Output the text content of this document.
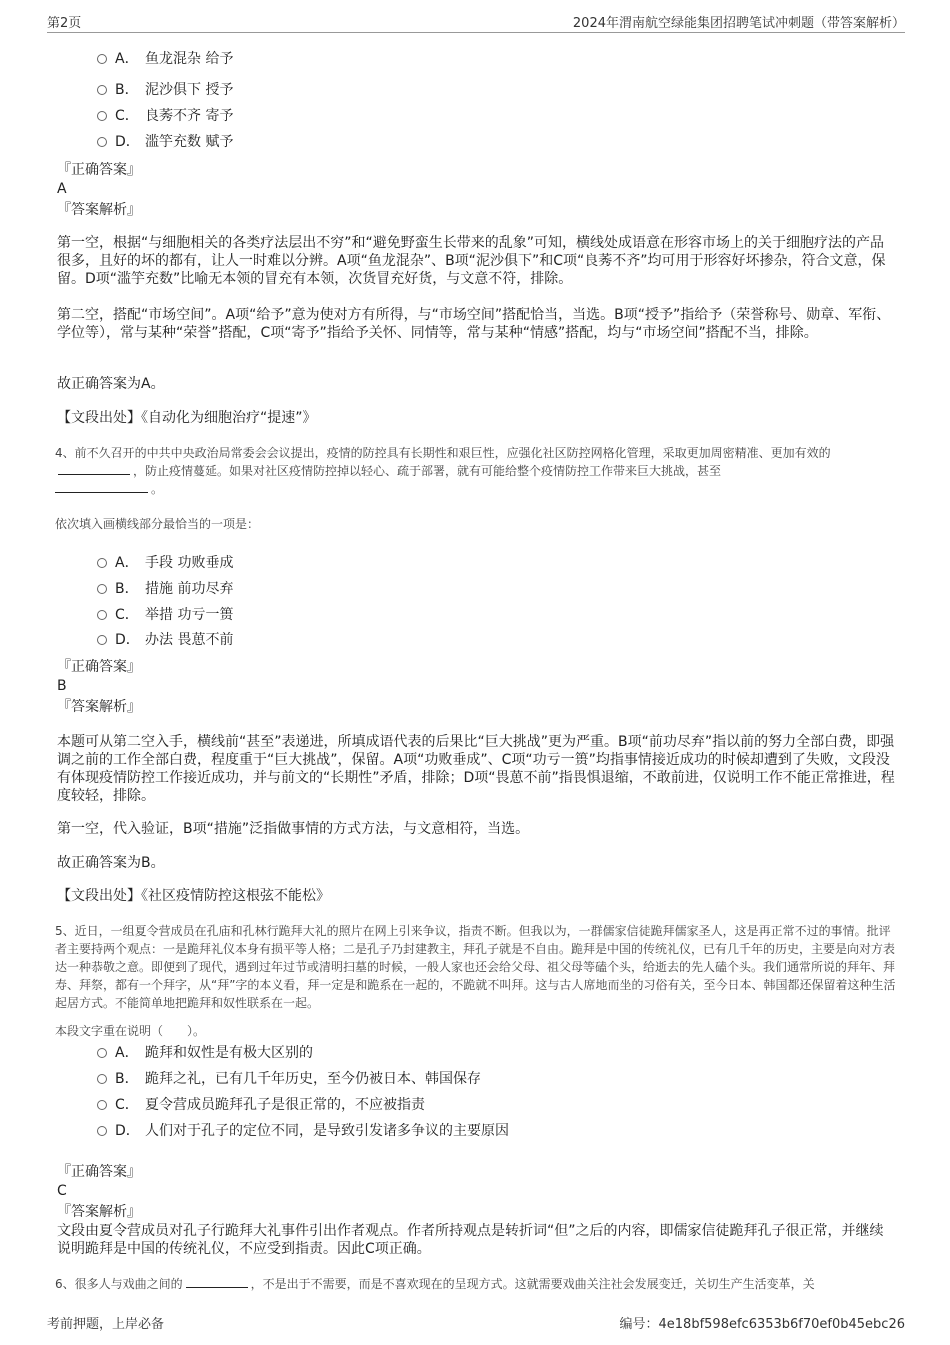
第2页	2024年渭南航空绿能集团招聘笔试冲刺题（带答案解析）
A． 鱼龙混杂 给予
B． 泥沙俱下 授予
C． 良莠不齐 寄予
D． 滥竽充数 赋予
『正确答案』
A
『答案解析』
第一空，根据“与细胞相关的各类疗法层出不穷”和“避免野蛮生长带来的乱象”可知，横线处成语意在形容市场上的关于细胞疗法的产品很多，且好的坏的都有，让人一时难以分辨。A项“鱼龙混杂”、B项“泥沙俱下”和C项“良莠不齐”均可用于形容好坏掺杂，符合文意，保留。D项“滥竽充数”比喻无本领的冒充有本领，次货冒充好货，与文意不符，排除。
第二空，搭配“市场空间”。A项“给予”意为使对方有所得，与“市场空间”搭配恰当，当选。B项“授予”指给予（荣誉称号、勋章、军衔、学位等），常与某种“荣誉”搭配，C项“寄予”指给予关怀、同情等，常与某种“情感”搭配，均与“市场空间”搭配不当，排除。
故正确答案为A。
【文段出处】《自动化为细胞治疗“提速”》
4、前不久召开的中共中央政治局常委会会议提出，疫情的防控具有长期性和艰巨性，应强化社区防控网格化管理，采取更加周密精准、更加有效的，防止疫情蔓延。如果对社区疫情防控掉以轻心、疏于部署，就有可能给整个疫情防控工作带来巨大挑战，甚至
。
依次填入画横线部分最恰当的一项是：
A． 手段 功败垂成
B． 措施 前功尽弃
C． 举措 功亏一篑
D． 办法 畏葸不前
『正确答案』
B
『答案解析』
本题可从第二空入手，横线前“甚至”表递进，所填成语代表的后果比“巨大挑战”更为严重。B项“前功尽弃”指以前的努力全部白费，即强调之前的工作全部白费，程度重于“巨大挑战”，保留。A项“功败垂成”、C项“功亏一篑”均指事情接近成功的时候却遭到了失败，文段没有体现疫情防控工作接近成功，并与前文的“长期性”矛盾，排除；D项“畏葸不前”指畏惧退缩，不敢前进，仅说明工作不能正常推进，程度较轻，排除。
第一空，代入验证，B项“措施”泛指做事情的方式方法，与文意相符，当选。
故正确答案为B。
【文段出处】《社区疫情防控这根弦不能松》
5、近日，一组夏令营成员在孔庙和孔林行跪拜大礼的照片在网上引来争议，指责不断。但我以为，一群儒家信徒跪拜儒家圣人，这是再正常不过的事情。批评者主要持两个观点：一是跪拜礼仪本身有损平等人格；二是孔子乃封建教主，拜孔子就是不自由。跪拜是中国的传统礼仪，已有几千年的历史，主要是向对方表达一种恭敬之意。即便到了现代，遇到过年过节或清明扫墓的时候，一般人家也还会给父母、祖父母等磕个头，给逝去的先人磕个头。我们通常所说的拜年、拜寿、拜祭，都有一个拜字，从“拜”字的本义看，拜一定是和跪系在一起的，不跪就不叫拜。这与古人席地而坐的习俗有关，至今日本、韩国都还保留着这种生活起居方式。不能简单地把跪拜和奴性联系在一起。
本段文字重在说明（　　）。
A． 跪拜和奴性是有极大区别的
B． 跪拜之礼，已有几千年历史，至今仍被日本、韩国保存
C． 夏令营成员跪拜孔子是很正常的，不应被指责
D． 人们对于孔子的定位不同，是导致引发诸多争议的主要原因
『正确答案』
C
『答案解析』
文段由夏令营成员对孔子行跪拜大礼事件引出作者观点。作者所持观点是转折词“但”之后的内容，即儒家信徒跪拜孔子很正常，并继续说明跪拜是中国的传统礼仪，不应受到指责。因此C项正确。
6、很多人与戏曲之间的	，不是出于不需要，而是不喜欢现在的呈现方式。这就需要戏曲关注社会发展变迁，关切生产生活变革，关
考前押题，上岸必备	编号：4e18bf598efc6353b6f70ef0b45ebc26
